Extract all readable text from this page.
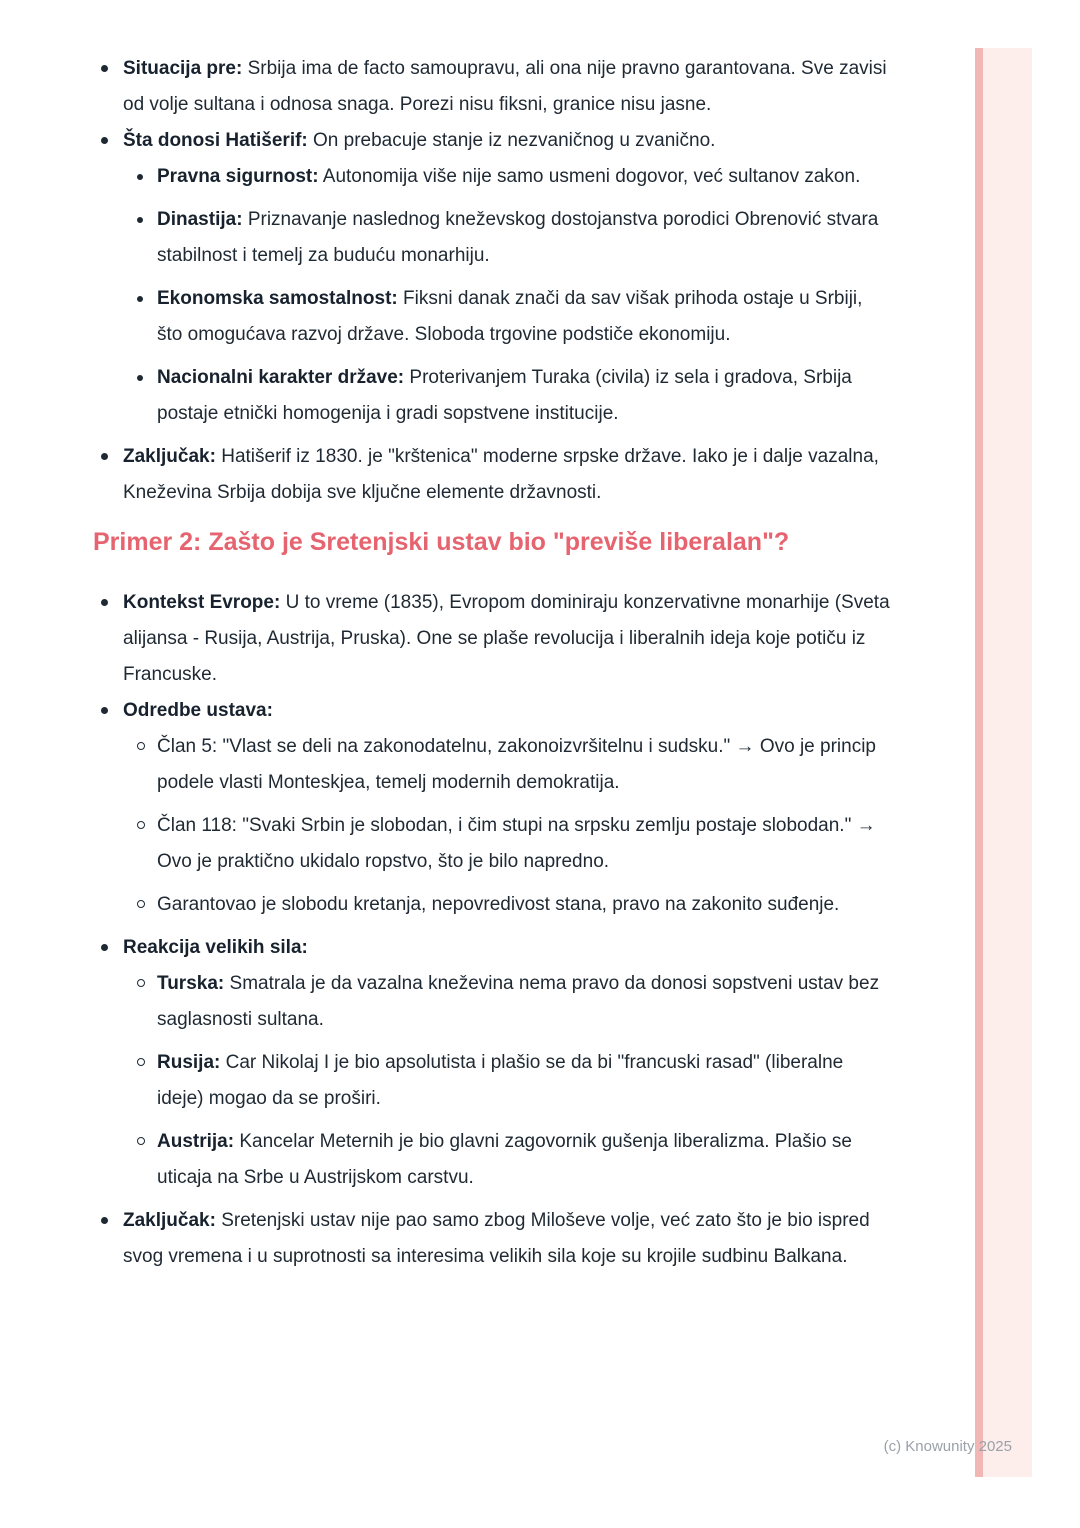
Situacija pre: Srbija ima de facto samoupravu, ali ona nije pravno garantovana. Sve zavisi od volje sultana i odnosa snaga. Porezi nisu fiksni, granice nisu jasne.
Šta donosi Hatišerif: On prebacuje stanje iz nezvaničnog u zvanično.
Pravna sigurnost: Autonomija više nije samo usmeni dogovor, već sultanov zakon.
Dinastija: Priznavanje naslednog kneževskog dostojanstva porodici Obrenović stvara stabilnost i temelj za buduću monarhiju.
Ekonomska samostalnost: Fiksni danak znači da sav višak prihoda ostaje u Srbiji, što omogućava razvoj države. Sloboda trgovine podstiče ekonomiju.
Nacionalni karakter države: Proterivanjem Turaka (civila) iz sela i gradova, Srbija postaje etnički homogenija i gradi sopstvene institucije.
Zaključak: Hatišerif iz 1830. je "krštenica" moderne srpske države. Iako je i dalje vazalna, Kneževina Srbija dobija sve ključne elemente državnosti.
Primer 2: Zašto je Sretenjski ustav bio "previše liberalan"?
Kontekst Evrope: U to vreme (1835), Evropom dominiraju konzervativne monarhije (Sveta alijansa - Rusija, Austrija, Pruska). One se plaše revolucija i liberalnih ideja koje potiču iz Francuske.
Odredbe ustava:
Član 5: "Vlast se deli na zakonodatelnu, zakonoizvršitelnu i sudsku." → Ovo je princip podele vlasti Monteskjea, temelj modernih demokratija.
Član 118: "Svaki Srbin je slobodan, i čim stupi na srpsku zemlju postaje slobodan." → Ovo je praktično ukidalo ropstvo, što je bilo napredno.
Garantovao je slobodu kretanja, nepovredivost stana, pravo na zakonito suđenje.
Reakcija velikih sila:
Turska: Smatrala je da vazalna kneževina nema pravo da donosi sopstveni ustav bez saglasnosti sultana.
Rusija: Car Nikolaj I je bio apsolutista i plašio se da bi "francuski rasad" (liberalne ideje) mogao da se proširi.
Austrija: Kancelar Meternih je bio glavni zagovornik gušenja liberalizma. Plašio se uticaja na Srbe u Austrijskom carstvu.
Zaključak: Sretenjski ustav nije pao samo zbog Miloševe volje, već zato što je bio ispred svog vremena i u suprotnosti sa interesima velikih sila koje su krojile sudbinu Balkana.
(c) Knowunity 2025
